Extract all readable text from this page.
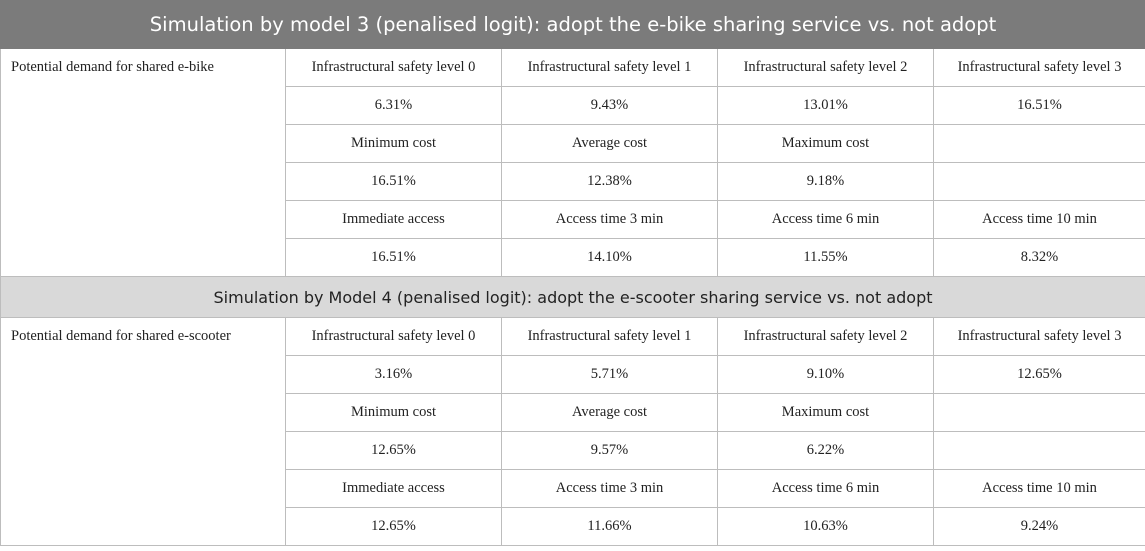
Simulation by model 3 (penalised logit): adopt the e-bike sharing service vs. not adopt				
Potential demand for shared e-bike	Infrastructural safety level 0	Infrastructural safety level 1	Infrastructural safety level 2	Infrastructural safety level 3
	6.31%	9.43%	13.01%	16.51%
	Minimum cost	Average cost	Maximum cost	
	16.51%	12.38%	9.18%	
	Immediate access	Access time 3 min	Access time 6 min	Access time 10 min
	16.51%	14.10%	11.55%	8.32%
Simulation by Model 4 (penalised logit): adopt the e-scooter sharing service vs. not adopt				
Potential demand for shared e-scooter	Infrastructural safety level 0	Infrastructural safety level 1	Infrastructural safety level 2	Infrastructural safety level 3
	3.16%	5.71%	9.10%	12.65%
	Minimum cost	Average cost	Maximum cost	
	12.65%	9.57%	6.22%	
	Immediate access	Access time 3 min	Access time 6 min	Access time 10 min
	12.65%	11.66%	10.63%	9.24%
